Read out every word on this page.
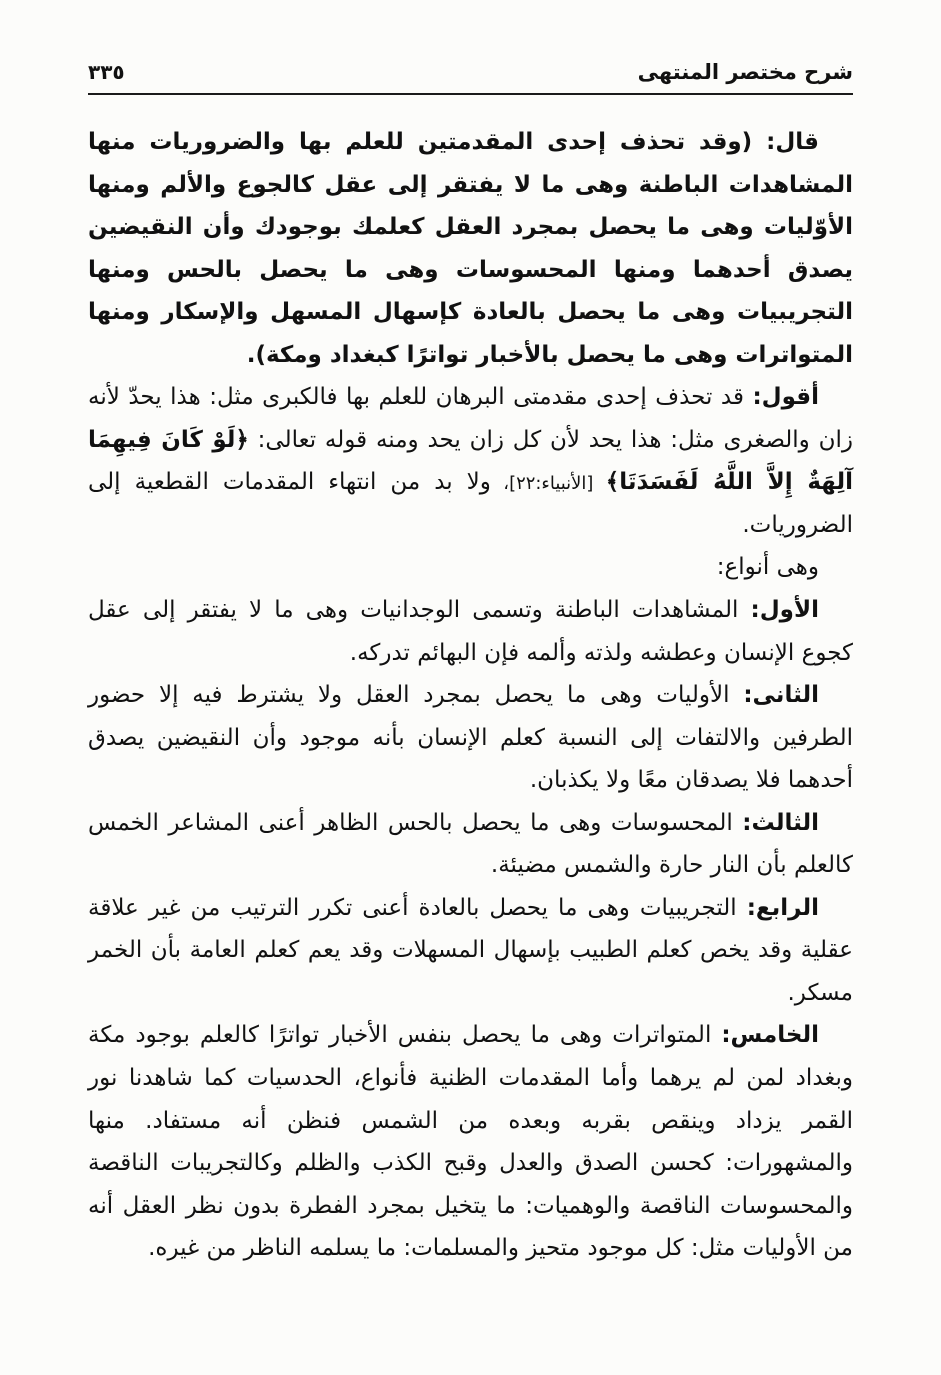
شرح مختصر المنتهى
٣٣٥

قال: (وقد تحذف إحدى المقدمتين للعلم بها والضروريات منها المشاهدات الباطنة وهى ما لا يفتقر إلى عقل كالجوع والألم ومنها الأوّليات وهى ما يحصل بمجرد العقل كعلمك بوجودك وأن النقيضين يصدق أحدهما ومنها المحسوسات وهى ما يحصل بالحس ومنها التجريبيات وهى ما يحصل بالعادة كإسهال المسهل والإسكار ومنها المتواترات وهى ما يحصل بالأخبار تواترًا كبغداد ومكة).

أقول: قد تحذف إحدى مقدمتى البرهان للعلم بها فالكبرى مثل: هذا يحدّ لأنه زان والصغرى مثل: هذا يحد لأن كل زان يحد ومنه قوله تعالى: ﴿لَوْ كَانَ فِيهِمَا آلِهَةٌ إِلاَّ اللَّهُ لَفَسَدَتَا﴾ [الأنبياء:٢٢]، ولا بد من انتهاء المقدمات القطعية إلى الضروريات.

وهى أنواع:

الأول: المشاهدات الباطنة وتسمى الوجدانيات وهى ما لا يفتقر إلى عقل كجوع الإنسان وعطشه ولذته وألمه فإن البهائم تدركه.

الثانى: الأوليات وهى ما يحصل بمجرد العقل ولا يشترط فيه إلا حضور الطرفين والالتفات إلى النسبة كعلم الإنسان بأنه موجود وأن النقيضين يصدق أحدهما فلا يصدقان معًا ولا يكذبان.

الثالث: المحسوسات وهى ما يحصل بالحس الظاهر أعنى المشاعر الخمس كالعلم بأن النار حارة والشمس مضيئة.

الرابع: التجريبيات وهى ما يحصل بالعادة أعنى تكرر الترتيب من غير علاقة عقلية وقد يخص كعلم الطبيب بإسهال المسهلات وقد يعم كعلم العامة بأن الخمر مسكر.

الخامس: المتواترات وهى ما يحصل بنفس الأخبار تواترًا كالعلم بوجود مكة وبغداد لمن لم يرهما وأما المقدمات الظنية فأنواع، الحدسيات كما شاهدنا نور القمر يزداد وينقص بقربه وبعده من الشمس فنظن أنه مستفاد. منها والمشهورات: كحسن الصدق والعدل وقبح الكذب والظلم وكالتجريبات الناقصة والمحسوسات الناقصة والوهميات: ما يتخيل بمجرد الفطرة بدون نظر العقل أنه من الأوليات مثل: كل موجود متحيز والمسلمات: ما يسلمه الناظر من غيره.
